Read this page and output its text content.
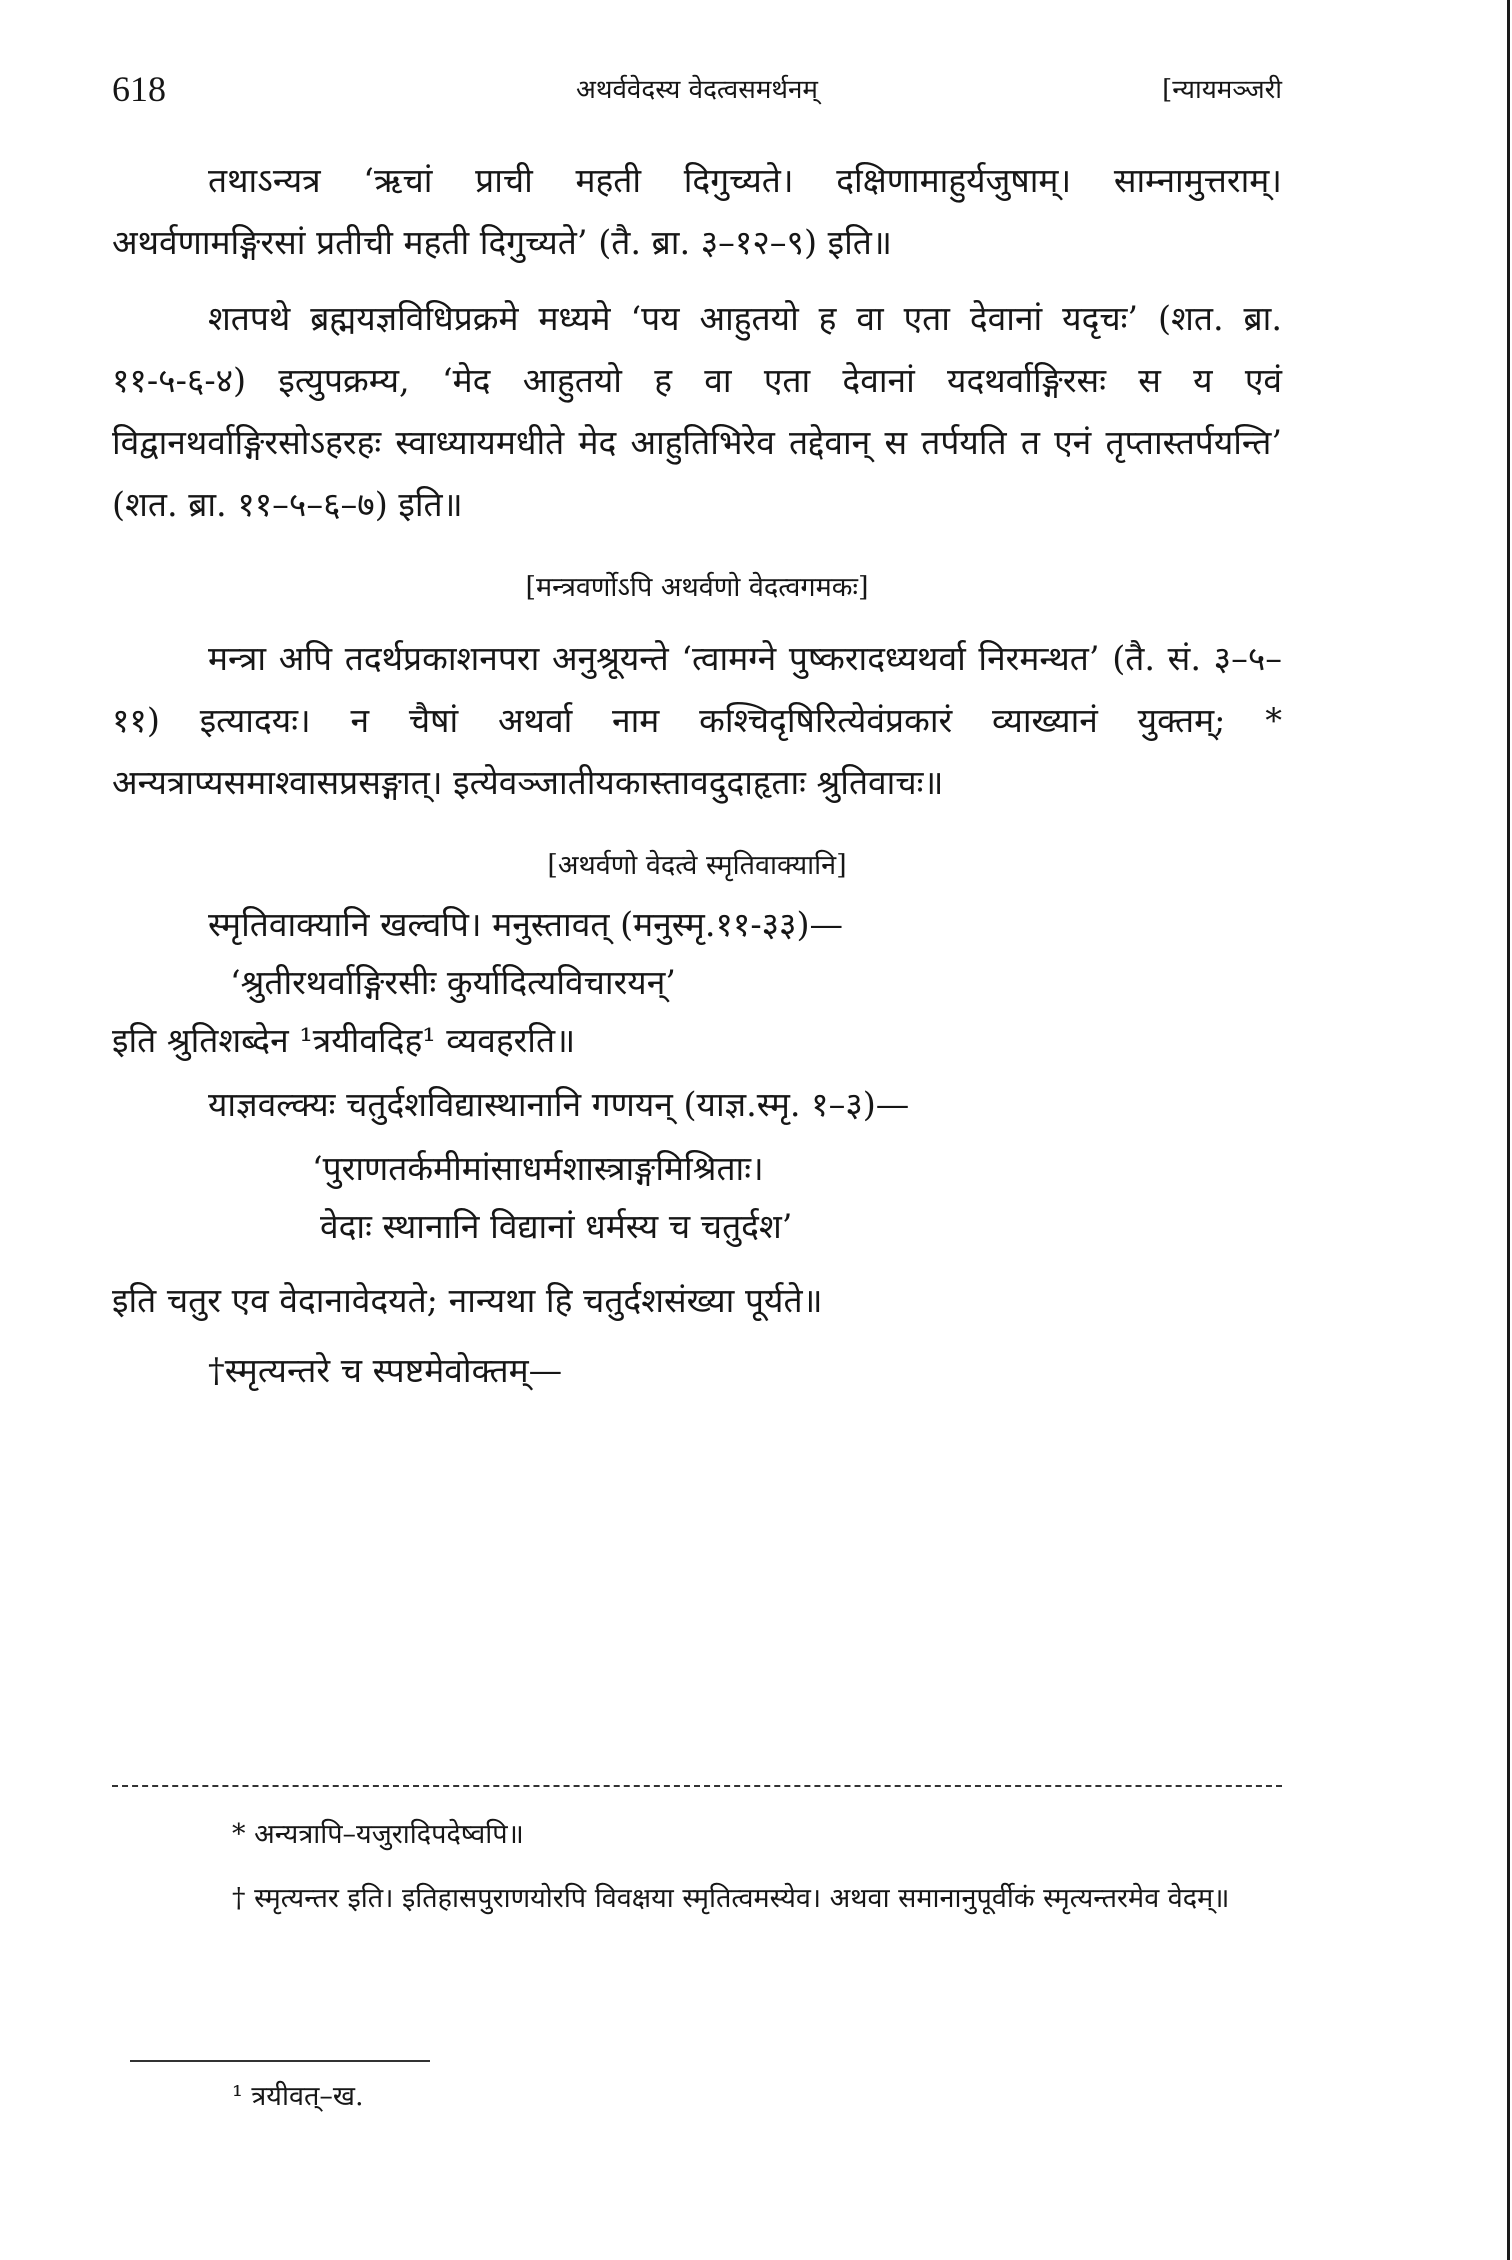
618	अथर्ववेदस्य वेदत्वसमर्थनम्	[न्यायमञ्जरी

तथाऽन्यत्र ‘ऋचां प्राची महती दिगुच्यते। दक्षिणामाहुर्यजुषाम्। साम्नामुत्तराम्। अथर्वणामङ्गिरसां प्रतीची महती दिगुच्यते’ (तै. ब्रा. ३–१२–९) इति॥

शतपथे ब्रह्मयज्ञविधिप्रक्रमे मध्यमे ‘पय आहुतयो ह वा एता देवानां यदृचः’ (शत. ब्रा. ११-५-६-४) इत्युपक्रम्य, ‘मेद आहुतयो ह वा एता देवानां यदथर्वाङ्गिरसः स य एवं विद्वानथर्वाङ्गिरसोऽहरहः स्वाध्यायमधीते मेद आहुतिभिरेव तद्देवान् स तर्पयति त एनं तृप्तास्तर्पयन्ति’ (शत. ब्रा. ११–५–६–७) इति॥

[मन्त्रवर्णोऽपि अथर्वणो वेदत्वगमकः]

मन्त्रा अपि तदर्थप्रकाशनपरा अनुश्रूयन्ते ‘त्वामग्ने पुष्करादध्यथर्वा निरमन्थत’ (तै. सं. ३–५–११) इत्यादयः। न चैषां अथर्वा नाम कश्चिदृषिरित्येवंप्रकारं व्याख्यानं युक्तम्; * अन्यत्राप्यसमाश्वासप्रसङ्गात्। इत्येवञ्जातीयकास्तावदुदाहृताः श्रुतिवाचः॥

[अथर्वणो वेदत्वे स्मृतिवाक्यानि]

स्मृतिवाक्यानि खल्वपि। मनुस्तावत् (मनुस्मृ.११-३३)—

‘श्रुतीरथर्वाङ्गिरसीः कुर्यादित्यविचारयन्’

इति श्रुतिशब्देन ¹त्रयीवदिह¹ व्यवहरति॥

याज्ञवल्क्यः चतुर्दशविद्यास्थानानि गणयन् (याज्ञ.स्मृ. १–३)—

‘पुराणतर्कमीमांसाधर्मशास्त्राङ्गमिश्रिताः।

वेदाः स्थानानि विद्यानां धर्मस्य च चतुर्दश’

इति चतुर एव वेदानावेदयते; नान्यथा हि चतुर्दशसंख्या पूर्यते॥

†स्मृत्यन्तरे च स्पष्टमेवोक्तम्—

* अन्यत्रापि–यजुरादिपदेष्वपि॥

† स्मृत्यन्तर इति। इतिहासपुराणयोरपि विवक्षया स्मृतित्वमस्येव। अथवा समानानुपूर्वीकं स्मृत्यन्तरमेव वेदम्॥

¹ त्रयीवत्–ख.
